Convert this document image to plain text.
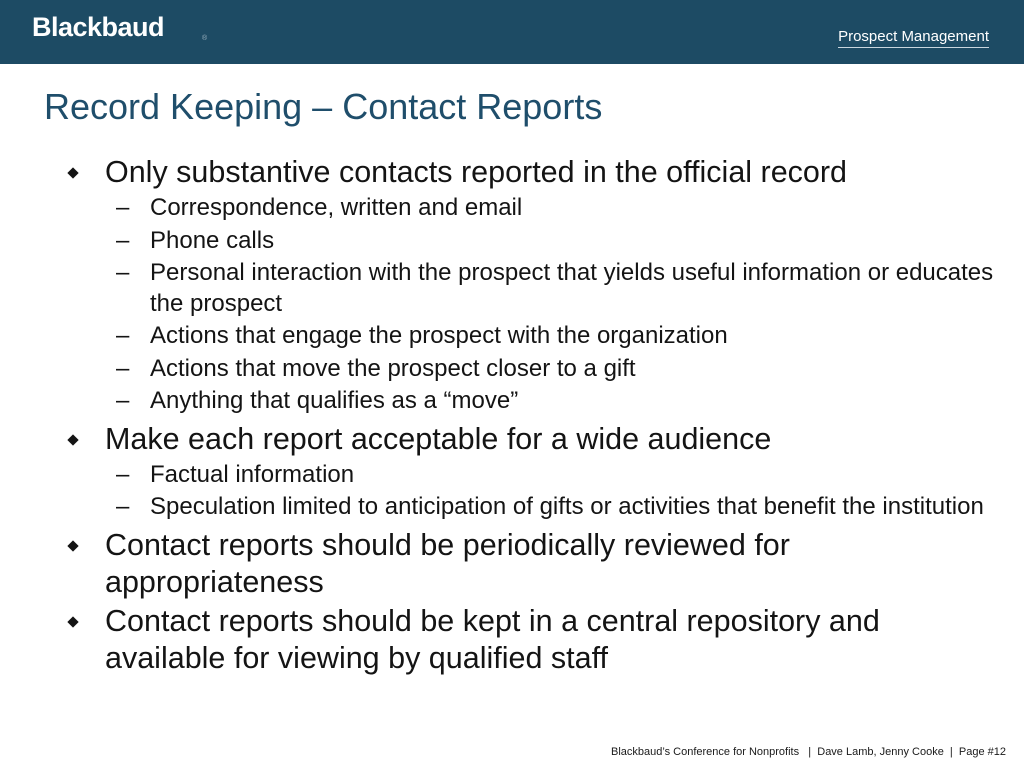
Blackbaud	®	Prospect Management
Record Keeping – Contact Reports
Only substantive contacts reported in the official record
– Correspondence, written and email
– Phone calls
– Personal interaction with the prospect that yields useful information or educates the prospect
– Actions that engage the prospect with the organization
– Actions that move the prospect closer to a gift
– Anything that qualifies as a “move”
Make each report acceptable for a wide audience
– Factual information
– Speculation limited to anticipation of gifts or activities that benefit the institution
Contact reports should be periodically reviewed for appropriateness
Contact reports should be kept in a central repository and available for viewing by qualified staff
Blackbaud’s Conference for Nonprofits   |  Dave Lamb, Jenny Cooke  |  Page #12
